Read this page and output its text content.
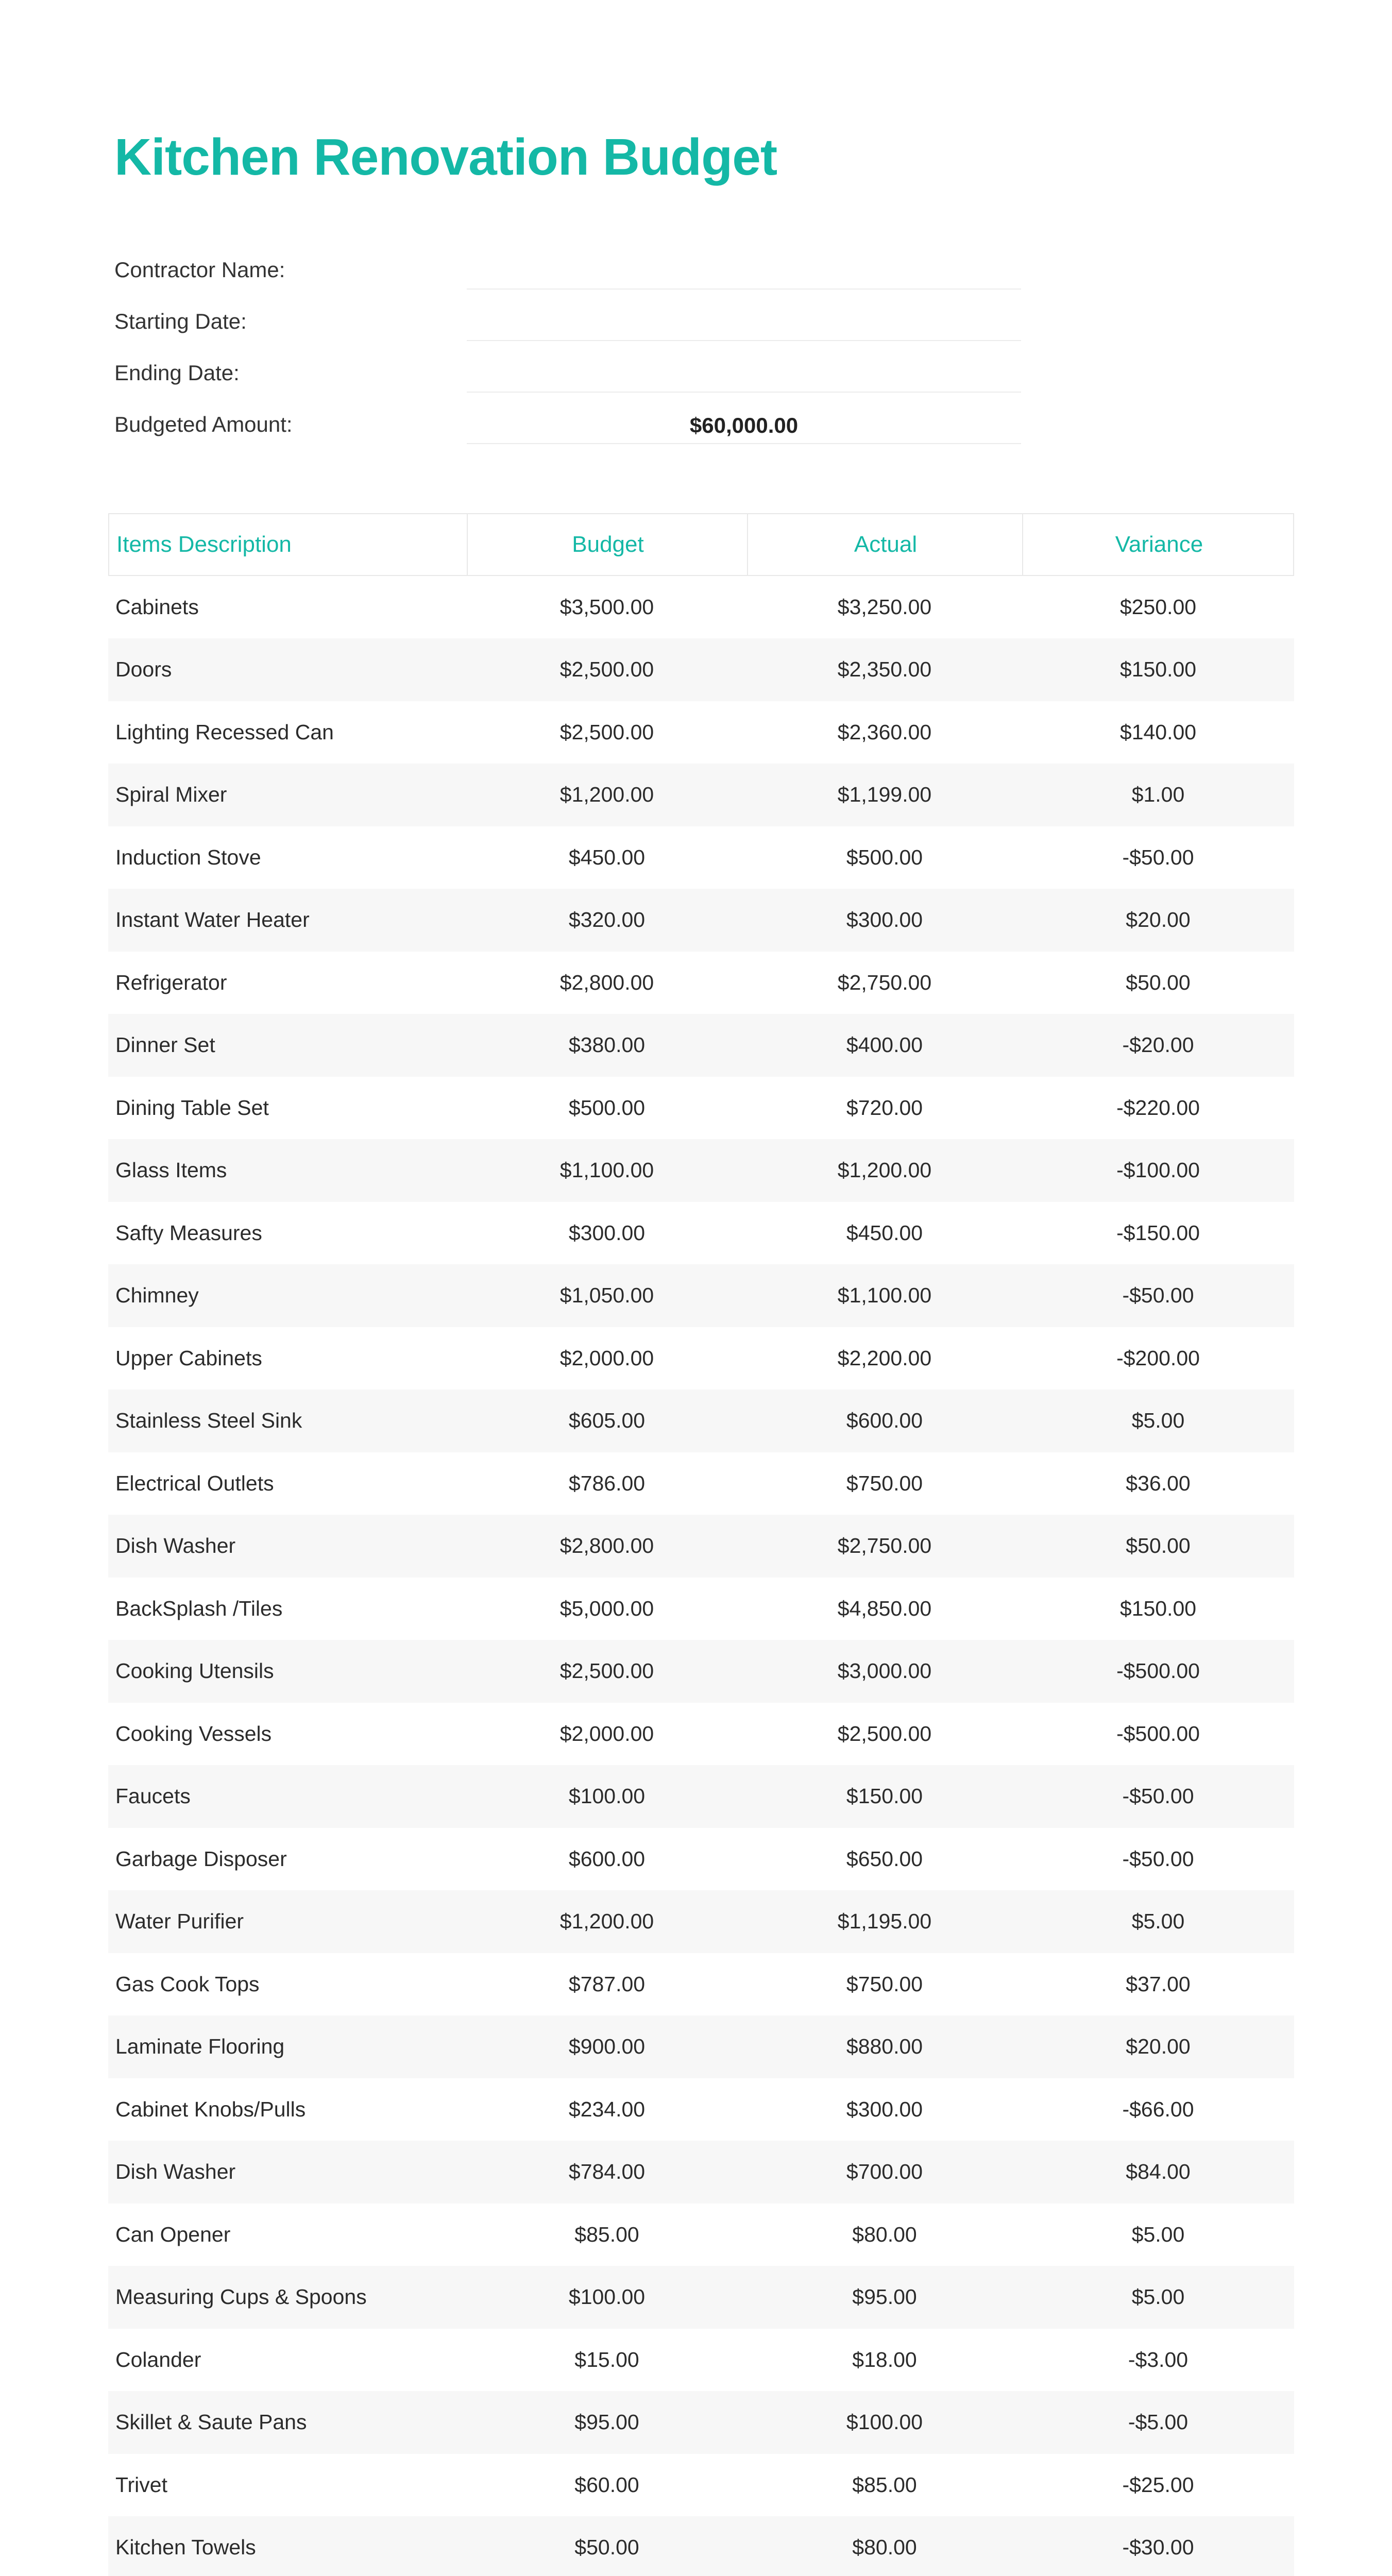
Kitchen Renovation Budget
Contractor Name:
Starting Date:
Ending Date:
Budgeted Amount:	$60,000.00
Items Description	Budget	Actual	Variance
Cabinets	$3,500.00	$3,250.00	$250.00
Doors	$2,500.00	$2,350.00	$150.00
Lighting Recessed Can	$2,500.00	$2,360.00	$140.00
Spiral Mixer	$1,200.00	$1,199.00	$1.00
Induction Stove	$450.00	$500.00	-$50.00
Instant Water Heater	$320.00	$300.00	$20.00
Refrigerator	$2,800.00	$2,750.00	$50.00
Dinner Set	$380.00	$400.00	-$20.00
Dining Table Set	$500.00	$720.00	-$220.00
Glass Items	$1,100.00	$1,200.00	-$100.00
Safty Measures	$300.00	$450.00	-$150.00
Chimney	$1,050.00	$1,100.00	-$50.00
Upper Cabinets	$2,000.00	$2,200.00	-$200.00
Stainless Steel Sink	$605.00	$600.00	$5.00
Electrical Outlets	$786.00	$750.00	$36.00
Dish Washer	$2,800.00	$2,750.00	$50.00
BackSplash /Tiles	$5,000.00	$4,850.00	$150.00
Cooking Utensils	$2,500.00	$3,000.00	-$500.00
Cooking Vessels	$2,000.00	$2,500.00	-$500.00
Faucets	$100.00	$150.00	-$50.00
Garbage Disposer	$600.00	$650.00	-$50.00
Water Purifier	$1,200.00	$1,195.00	$5.00
Gas Cook Tops	$787.00	$750.00	$37.00
Laminate Flooring	$900.00	$880.00	$20.00
Cabinet Knobs/Pulls	$234.00	$300.00	-$66.00
Dish Washer	$784.00	$700.00	$84.00
Can Opener	$85.00	$80.00	$5.00
Measuring Cups & Spoons	$100.00	$95.00	$5.00
Colander	$15.00	$18.00	-$3.00
Skillet & Saute Pans	$95.00	$100.00	-$5.00
Trivet	$60.00	$85.00	-$25.00
Kitchen Towels	$50.00	$80.00	-$30.00
